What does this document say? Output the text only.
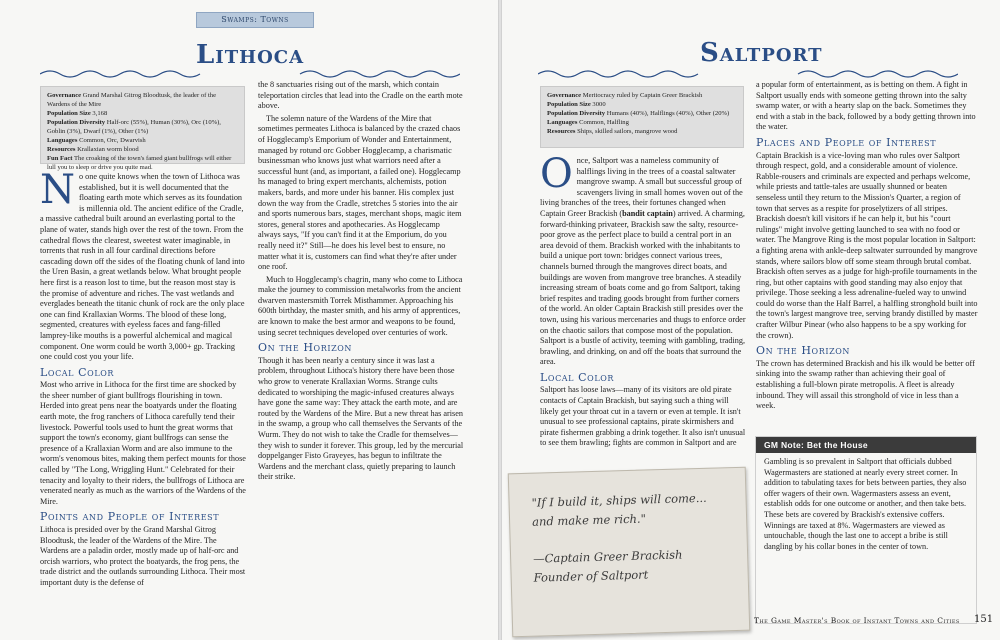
Swamps: Towns
Lithoca
Governance Grand Marshal Gitrog Bloodtusk, the leader of the Wardens of the Mire
Population Size 3,168
Population Diversity Half-orc (55%), Human (30%), Orc (10%), Goblin (3%), Dwarf (1%), Other (1%)
Languages Common, Orc, Dwarvish
Resources Krallaxian worm blood
Fun Fact The croaking of the town's famed giant bullfrogs will either lull you to sleep or drive you quite mad.

No one quite knows when the town of Lithoca was established, but it is well documented that the floating earth mote which serves as its foundation is millennia old. The ancient edifice of the Cradle, a massive cathedral built around an everlasting portal to the plane of water, stands high over the rest of the town. From the cathedral flows the clearest, sweetest water imaginable, in torrents that rush in all four cardinal directions before cascading down off the sides of the floating chunk of land into the Uren Basin, a great wetlands below. What brought people here first is a reason lost to time, but the reason most stay is the promise of adventure and riches. The vast wetlands and everglades beneath the titanic chunk of rock are the only place one can find Krallaxian Worms. The blood of these long, segmented, creatures with eyeless faces and fang-filled lamprey-like mouths is a powerful alchemical and magical component. One worm could be worth 3,000+ gp. Tracking one could cost you your life.

Local Color

Most who arrive in Lithoca for the first time are shocked by the sheer number of giant bullfrogs flourishing in town. Herded into great pens near the boatyards under the floating earth mote, the frog ranchers of Lithoca carefully tend their livestock. Powerful tools used to hunt the great worms that support the town's economy, giant bullfrogs can sense the presence of a Krallaxian Worm and are also immune to the worm's venomous bites, making them perfect mounts for those called by "The Long, Wriggling Hunt." Celebrated for their tenacity and loyalty to their riders, the bullfrogs of Lithoca are venerated nearly as much as the warriors of the Wardens of the Mire.

Points and People of Interest

Lithoca is presided over by the Grand Marshal Gitrog Bloodtusk, the leader of the Wardens of the Mire. The Wardens are a paladin order, mostly made up of half-orc and orcish warriors, who protect the boatyards, the frog pens, the trade district and the outlands surrounding Lithoca. Their most important duty is the defense of

the 8 sanctuaries rising out of the marsh, which contain teleportation circles that lead into the Cradle on the earth mote above.

The solemn nature of the Wardens of the Mire that sometimes permeates Lithoca is balanced by the crazed chaos of Hogglecamp's Emporium of Wonder and Entertainment, managed by rotund orc Gobber Hogglecamp, a charismatic businessman who knows just what warriors need after a successful hunt (and, as important, a failed one). Hogglecamp hs managed to bring expert merchants, alchemists, potion makers, bards, and more under his banner. His complex just down the way from the Cradle, stretches 5 stories into the air and sports numerous bars, stages, merchant shops, magic item stores, general stores and apothecaries. As Hogglecamp always says, "If you can't find it at the Emporium, do you really need it?" Still—he does his level best to ensure, no matter what it is, customers can find what they're after under one roof.

Much to Hogglecamp's chagrin, many who come to Lithoca make the journey to commission metalworks from the ancient dwarven mastersmith Torrek Misthammer. Approaching his 600th birthday, the master smith, and his army of apprentices, are known to make the best armor and weapons to be found, using secret techniques developed over centuries of work.

On the Horizon

Though it has been nearly a century since it was last a problem, throughout Lithoca's history there have been those who grow to venerate Krallaxian Worms. Strange cults dedicated to worshiping the magic-infused creatures always have gone the same way: They attack the earth mote, and are routed by the Wardens of the Mire. But a new threat has arisen in the swamp, a group who call themselves the Servants of the Wurm. They do not wish to take the Cradle for themselves—they wish to sunder it forever. This group, led by the mercurial doppelganger Fisto Grayeyes, has begun to infiltrate the Wardens and the merchant class, quietly preparing to launch their strike.

Saltport
Governance Meritocracy ruled by Captain Greer Brackish
Population Size 3000
Population Diversity Humans (40%), Halflings (40%), Other (20%)
Languages Common, Halfling
Resources Ships, skilled sailors, mangrove wood

Once, Saltport was a nameless community of halflings living in the trees of a coastal saltwater mangrove swamp. A small but successful group of scavengers living in small homes woven out of the living branches of the trees, their fortunes changed when Captain Greer Brackish (bandit captain) arrived. A charming, forward-thinking privateer, Brackish saw the salty, resource-poor grove as the perfect place to build a central port in an area devoid of them. Brackish worked with the inhabitants to build a unique port town: bridges connect various trees, channels burned through the mangroves direct boats, and buildings are woven from mangrove tree branches. A steadily increasing stream of boats come and go from Saltport, taking brief respites and trading goods brought from further corners of the world. An older Captain Brackish still presides over the town, using his various mercenaries and thugs to enforce order on the chaotic sailors that compose most of the population. Saltport is a bustle of activity, teeming with gambling, trading, brawling, and drinking, on and off the boats that surround the area.

Local Color

Saltport has loose laws—many of its visitors are old pirate contacts of Captain Brackish, but saying such a thing will likely get your throat cut in a tavern or even at temple. It isn't unusual to see professional captains, pirate skirmishers and pirate fishermen grabbing a drink together. It also isn't unusual to see them brawling; fights are common in Saltport and are

"If I build it, ships will come... and make me rich."
—Captain Greer Brackish Founder of Saltport

a popular form of entertainment, as is betting on them. A fight in Saltport usually ends with someone getting thrown into the salty swamp water, or with a hearty slap on the back. Sometimes they end with a stab in the back, followed by a body getting thrown into the water.

Places and People of Interest

Captain Brackish is a vice-loving man who rules over Saltport through respect, gold, and a considerable amount of violence. Rabble-rousers and criminals are expected and perhaps welcome, while priests and tattle-tales are usually shunned or beaten senseless until they return to the Mission's Quarter, a region of town that serves as a respite for proselytizers of all stripes. Brackish doesn't kill visitors if he can help it, but his "court rulings" might involve getting launched to sea with no food or water. The Mangrove Ring is the most popular location in Saltport: a fighting arena with ankle-deep saltwater surrounded by mangrove stands, where sailors blow off some steam through brutal combat. Brackish often serves as a judge for high-profile tournaments in the ring, but other captains with good standing may also enjoy that privilege. Those seeking a less adrenaline-fueled way to unwind could do worse than the Half Barrel, a halfling stronghold built into the town's largest mangrove tree, serving brandy distilled by master crafter Wilbur Pinear (who also happens to be a spy working for the crown).

On the Horizon

The crown has determined Brackish and his ilk would be better off sinking into the swamp rather than achieving their goal of establishing a full-blown pirate metropolis. A fleet is already inbound. They will assail this stronghold of vice in less than a week.

GM Note: Bet the House
Gambling is so prevalent in Saltport that officials dubbed Wagermasters are stationed at nearly every street corner. In addition to tabulating taxes for bets between parties, they also offer wagers of their own. Wagermasters assess an event, establish odds for one outcome or another, and then take bets. These bets are covered by Brackish's extensive coffers. Winnings are taxed at 8%. Wagermasters are viewed as untouchable, though the last one to accept a bribe is still dangling by his collar bones in the center of town.
The Game Master's Book of Instant Towns and Cities 151
